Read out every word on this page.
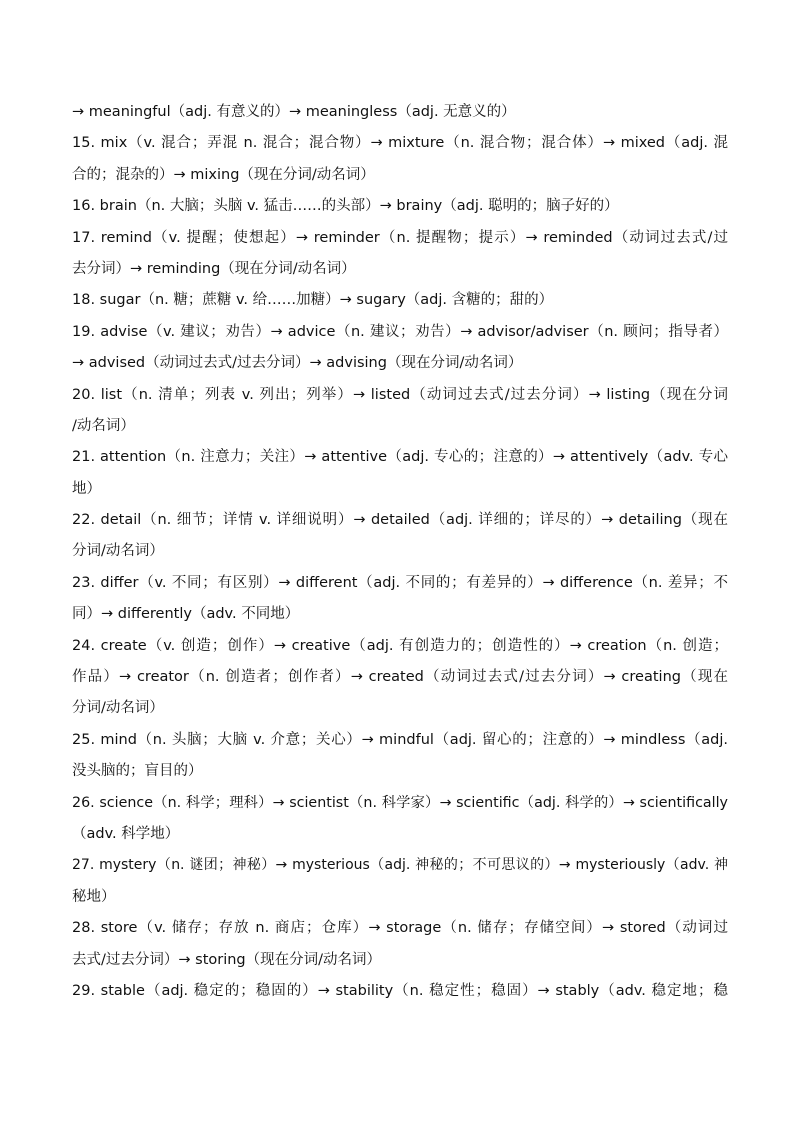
→ meaningful（adj. 有意义的）→ meaningless（adj. 无意义的）
15. mix（v. 混合；弄混 n. 混合；混合物）→ mixture（n. 混合物；混合体）→ mixed（adj. 混
合的；混杂的）→ mixing（现在分词/动名词）
16. brain（n. 大脑；头脑 v. 猛击……的头部）→ brainy（adj. 聪明的；脑子好的）
17. remind（v. 提醒；使想起）→ reminder（n. 提醒物；提示）→ reminded（动词过去式/过
去分词）→ reminding（现在分词/动名词）
18. sugar（n. 糖；蔗糖 v. 给……加糖）→ sugary（adj. 含糖的；甜的）
19. advise（v. 建议；劝告）→ advice（n. 建议；劝告）→ advisor/adviser（n. 顾问；指导者）
→ advised（动词过去式/过去分词）→ advising（现在分词/动名词）
20. list（n. 清单；列表 v. 列出；列举）→ listed（动词过去式/过去分词）→ listing（现在分词
/动名词）
21. attention（n. 注意力；关注）→ attentive（adj. 专心的；注意的）→ attentively（adv. 专心
地）
22. detail（n. 细节；详情 v. 详细说明）→ detailed（adj. 详细的；详尽的）→ detailing（现在
分词/动名词）
23. differ（v. 不同；有区别）→ different（adj. 不同的；有差异的）→ difference（n. 差异；不
同）→ differently（adv. 不同地）
24. create（v. 创造；创作）→ creative（adj. 有创造力的；创造性的）→ creation（n. 创造；
作品）→ creator（n. 创造者；创作者）→ created（动词过去式/过去分词）→ creating（现在
分词/动名词）
25. mind（n. 头脑；大脑 v. 介意；关心）→ mindful（adj. 留心的；注意的）→ mindless（adj.
没头脑的；盲目的）
26. science（n. 科学；理科）→ scientist（n. 科学家）→ scientific（adj. 科学的）→ scientifically
（adv. 科学地）
27. mystery（n. 谜团；神秘）→ mysterious（adj. 神秘的；不可思议的）→ mysteriously（adv. 神
秘地）
28. store（v. 储存；存放 n. 商店；仓库）→ storage（n. 储存；存储空间）→ stored（动词过
去式/过去分词）→ storing（现在分词/动名词）
29. stable（adj. 稳定的；稳固的）→ stability（n. 稳定性；稳固）→ stably（adv. 稳定地；稳
